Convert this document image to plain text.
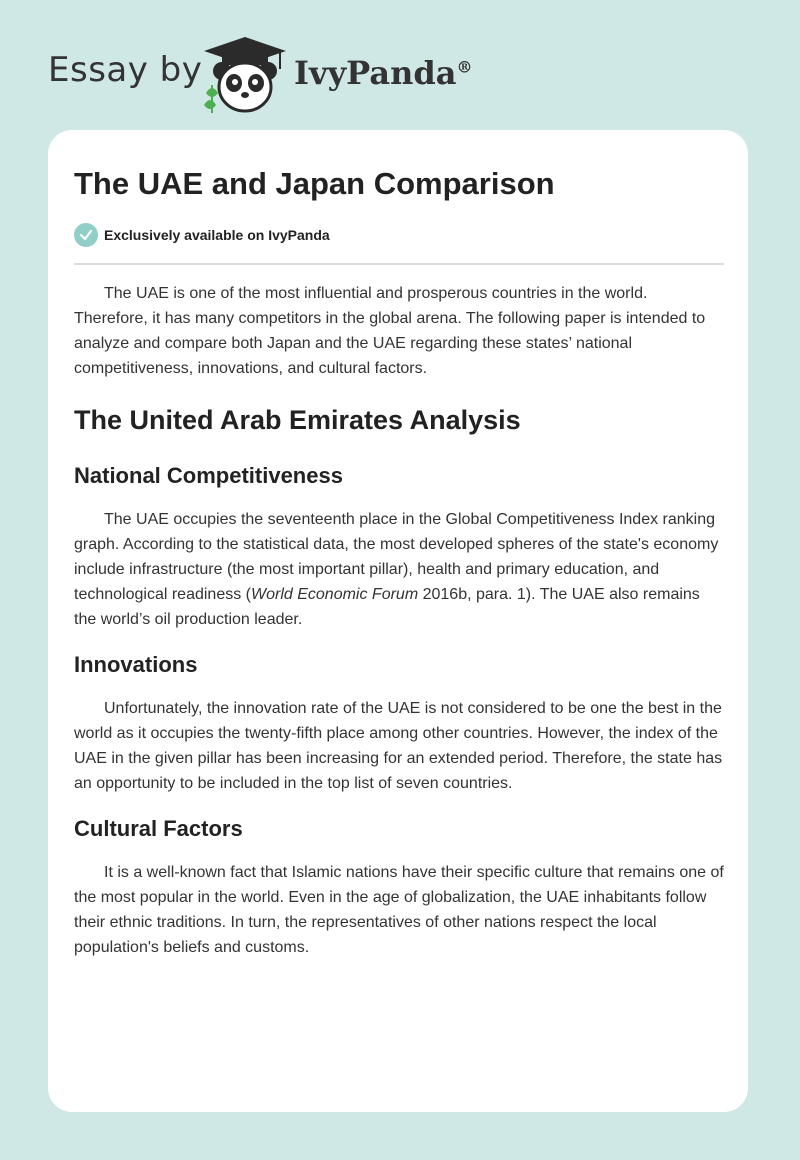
Essay by	IvyPanda®
The UAE and Japan Comparison
Exclusively available on IvyPanda

The UAE is one of the most influential and prosperous countries in the world. Therefore, it has many competitors in the global arena. The following paper is intended to analyze and compare both Japan and the UAE regarding these states’ national competitiveness, innovations, and cultural factors.

The United Arab Emirates Analysis
National Competitiveness

The UAE occupies the seventeenth place in the Global Competitiveness Index ranking graph. According to the statistical data, the most developed spheres of the state's economy include infrastructure (the most important pillar), health and primary education, and technological readiness (World Economic Forum 2016b, para. 1). The UAE also remains the world’s oil production leader.

Innovations

Unfortunately, the innovation rate of the UAE is not considered to be one the best in the world as it occupies the twenty-fifth place among other countries. However, the index of the UAE in the given pillar has been increasing for an extended period. Therefore, the state has an opportunity to be included in the top list of seven countries.

Cultural Factors

It is a well-known fact that Islamic nations have their specific culture that remains one of the most popular in the world. Even in the age of globalization, the UAE inhabitants follow their ethnic traditions. In turn, the representatives of other nations respect the local population's beliefs and customs.
